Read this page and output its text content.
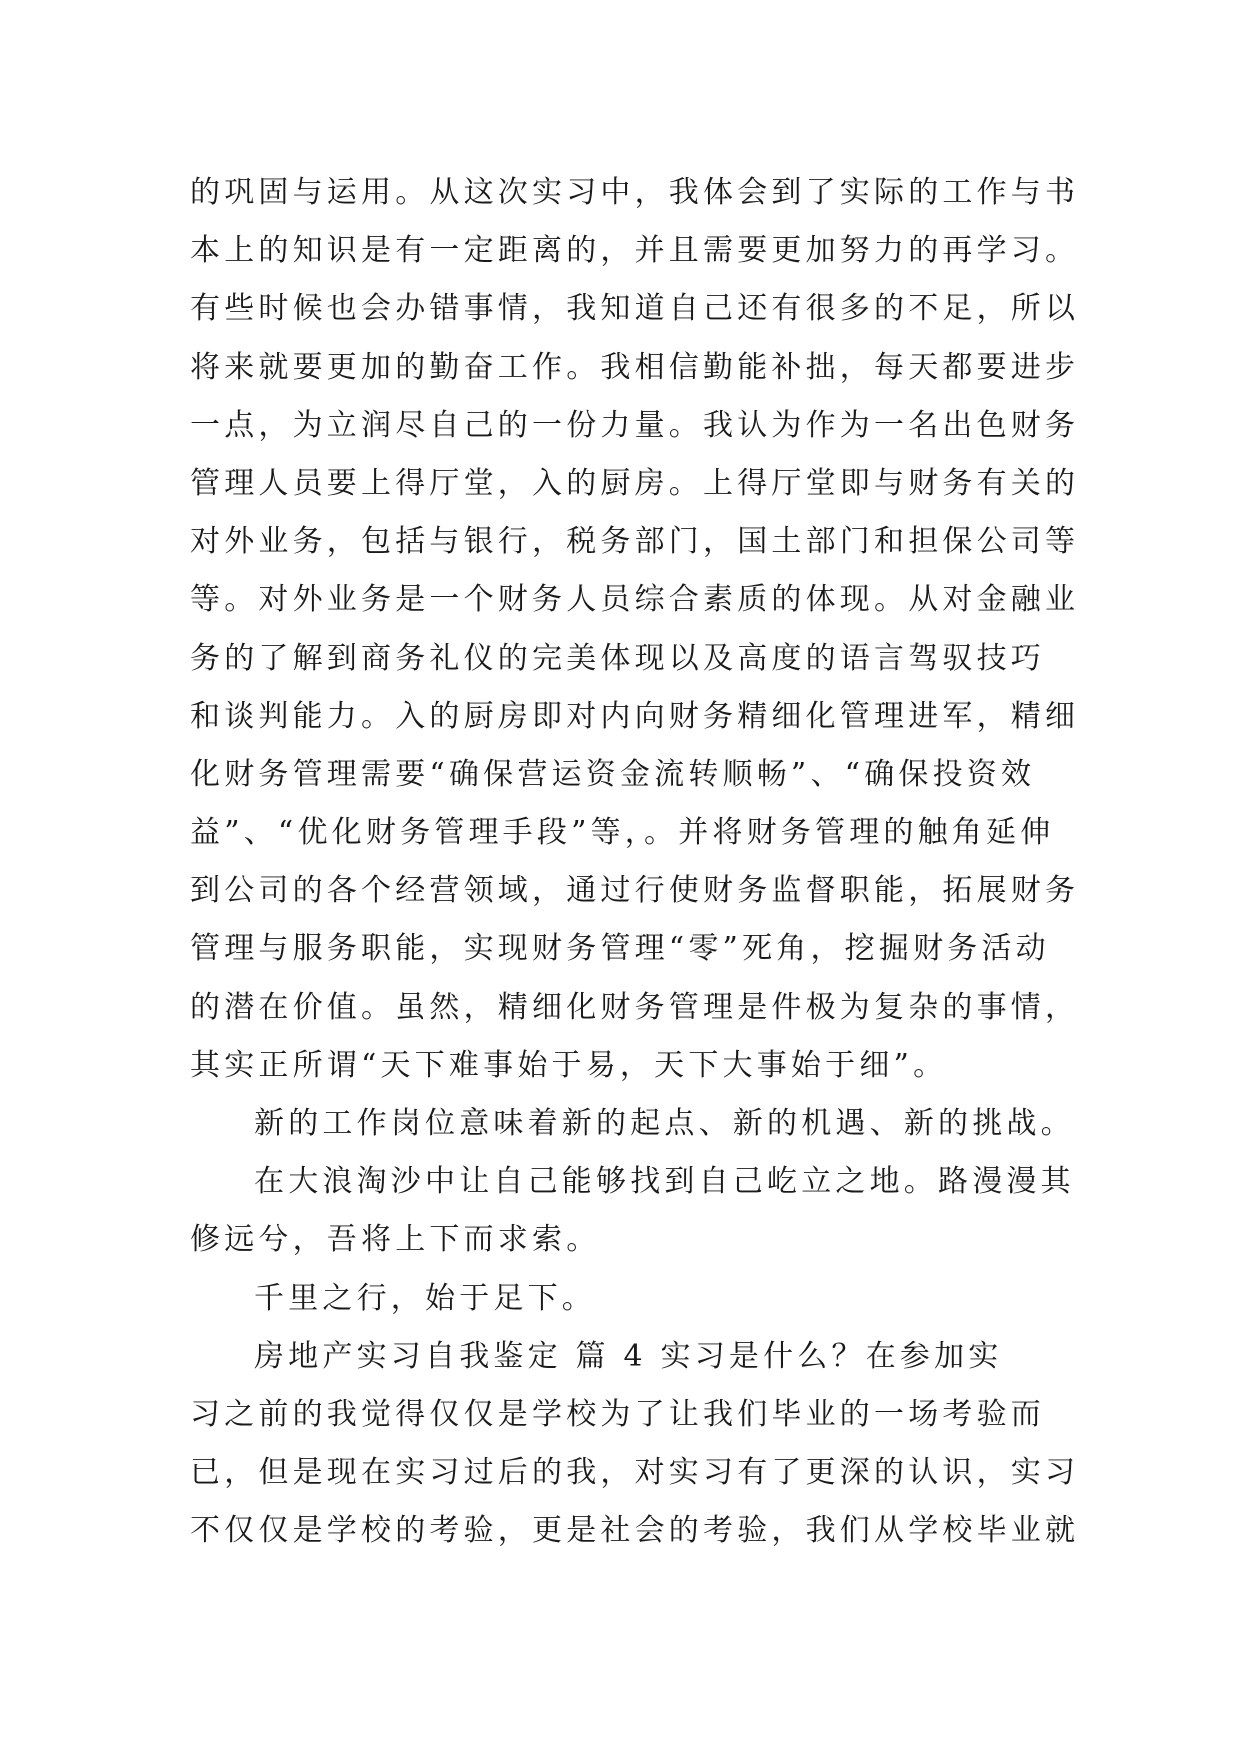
的巩固与运用。从这次实习中，我体会到了实际的工作与书
本上的知识是有一定距离的，并且需要更加努力的再学习。
有些时候也会办错事情，我知道自己还有很多的不足，所以
将来就要更加的勤奋工作。我相信勤能补拙，每天都要进步
一点，为立润尽自己的一份力量。我认为作为一名出色财务
管理人员要上得厅堂，入的厨房。上得厅堂即与财务有关的
对外业务，包括与银行，税务部门，国土部门和担保公司等
等。对外业务是一个财务人员综合素质的体现。从对金融业
务的了解到商务礼仪的完美体现以及高度的语言驾驭技巧
和谈判能力。入的厨房即对内向财务精细化管理进军，精细
化财务管理需要“确保营运资金流转顺畅”、“确保投资效
益”、“优化财务管理手段”等，。并将财务管理的触角延伸
到公司的各个经营领域，通过行使财务监督职能，拓展财务
管理与服务职能，实现财务管理“零”死角，挖掘财务活动
的潜在价值。虽然，精细化财务管理是件极为复杂的事情，
其实正所谓“天下难事始于易，天下大事始于细”。
新的工作岗位意味着新的起点、新的机遇、新的挑战。
在大浪淘沙中让自己能够找到自己屹立之地。路漫漫其
修远兮，吾将上下而求索。
千里之行，始于足下。
房地产实习自我鉴定 篇 4 实习是什么？在参加实
习之前的我觉得仅仅是学校为了让我们毕业的一场考验而
已，但是现在实习过后的我，对实习有了更深的认识，实习
不仅仅是学校的考验，更是社会的考验，我们从学校毕业就
